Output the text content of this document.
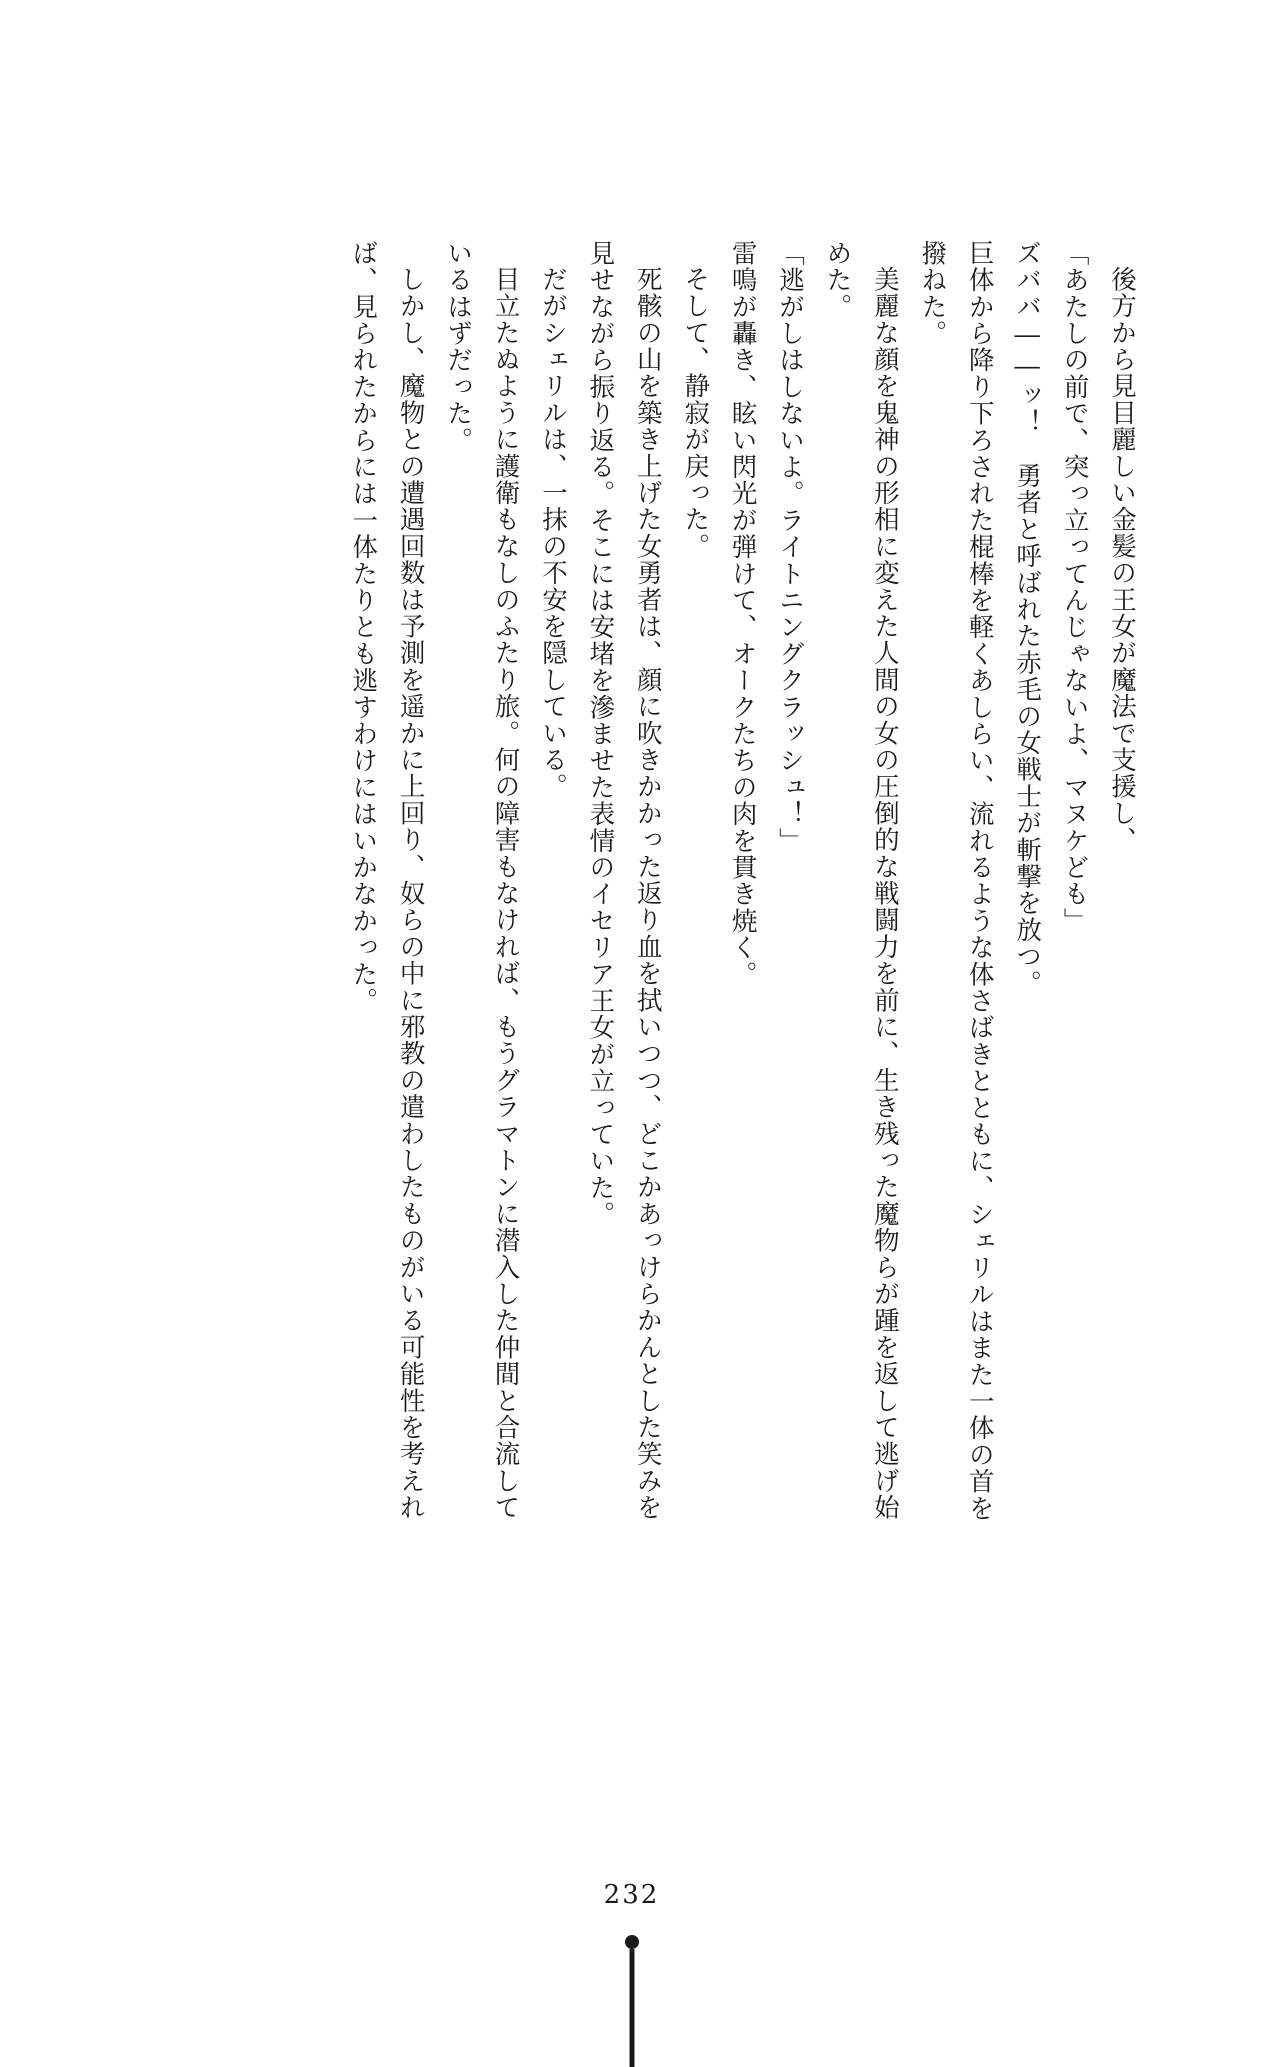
後方から見目麗しい金髪の王女が魔法で支援し、

「あたしの前で、突っ立ってんじゃないよ、マヌケども」

ズババ――ッ！　勇者と呼ばれた赤毛の女戦士が斬撃を放つ。

巨体から降り下ろされた棍棒を軽くあしらい、流れるような体さばきとともに、シェリルはまた一体の首を撥ねた。

美麗な顔を鬼神の形相に変えた人間の女の圧倒的な戦闘力を前に、生き残った魔物らが踵を返して逃げ始めた。

「逃がしはしないよ。ライトニングクラッシュ！」

雷鳴が轟き、眩い閃光が弾けて、オークたちの肉を貫き焼く。

そして、静寂が戻った。

死骸の山を築き上げた女勇者は、顔に吹きかかった返り血を拭いつつ、どこかあっけらかんとした笑みを見せながら振り返る。そこには安堵を滲ませた表情のイセリア王女が立っていた。

だがシェリルは、一抹の不安を隠している。

目立たぬように護衛もなしのふたり旅。何の障害もなければ、もうグラマトンに潜入した仲間と合流しているはずだった。

しかし、魔物との遭遇回数は予測を遥かに上回り、奴らの中に邪教の遣わしたものがいる可能性を考えれば、見られたからには一体たりとも逃すわけにはいかなかった。

232
